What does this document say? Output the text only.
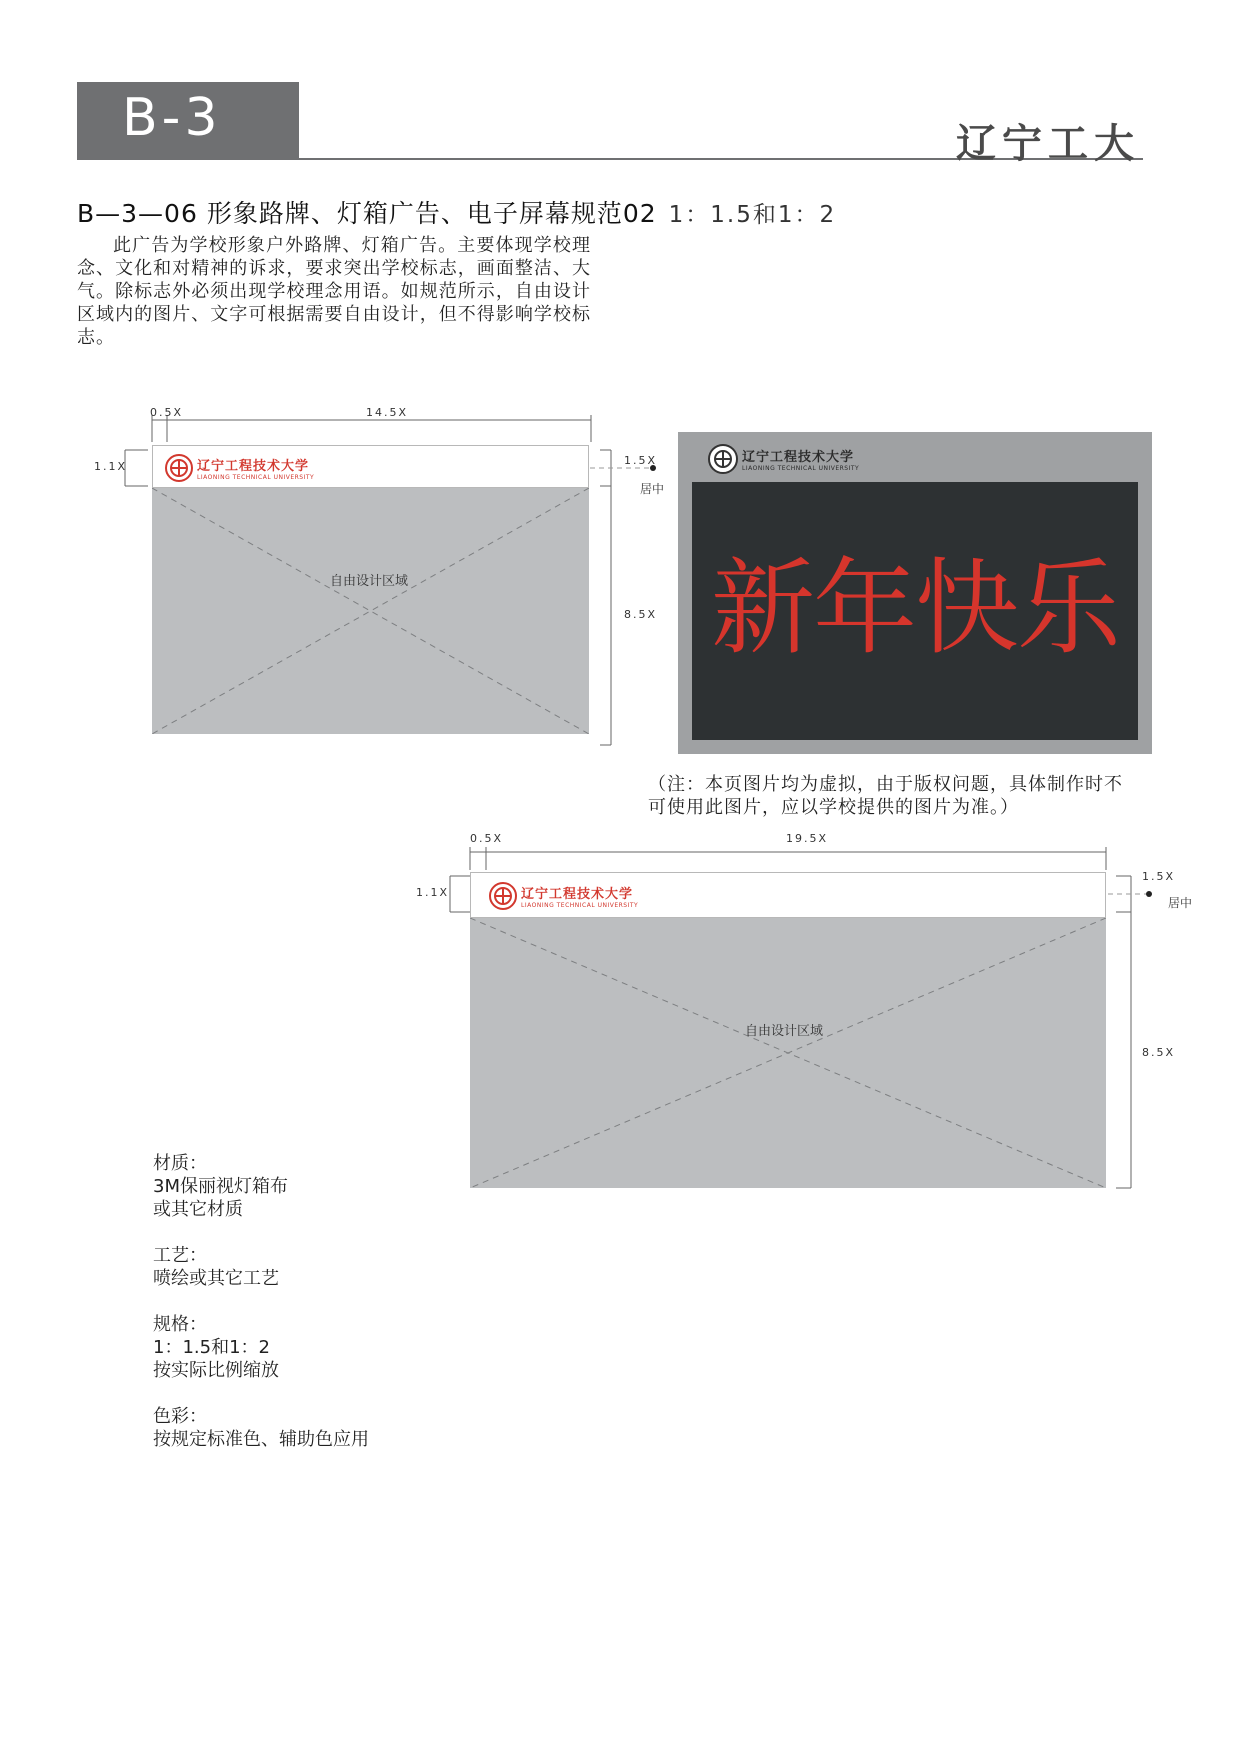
B-3	辽宁工大
B—3—06 形象路牌、灯箱广告、电子屏幕规范02 1：1.5和1：2
此广告为学校形象户外路牌、灯箱广告。主要体现学校理念、文化和对精神的诉求，要求突出学校标志，画面整洁、大气。除标志外必须出现学校理念用语。如规范所示，自由设计区域内的图片、文字可根据需要自由设计，但不得影响学校标志。
0.5X	14.5X
1.1X	1.5X
居中
8.5X
辽宁工程技术大学
LIAONING TECHNICAL UNIVERSITY
自由设计区域
辽宁工程技术大学
LIAONING TECHNICAL UNIVERSITY
新年快乐
（注：本页图片均为虚拟，由于版权问题，具体制作时不可使用此图片，应以学校提供的图片为准。）
0.5X	19.5X
1.1X
1.5X
居中
8.5X
辽宁工程技术大学
LIAONING TECHNICAL UNIVERSITY
自由设计区域
材质：
3M保丽视灯箱布
或其它材质
工艺：
喷绘或其它工艺
规格：
1：1.5和1：2
按实际比例缩放
色彩：
按规定标准色、辅助色应用
